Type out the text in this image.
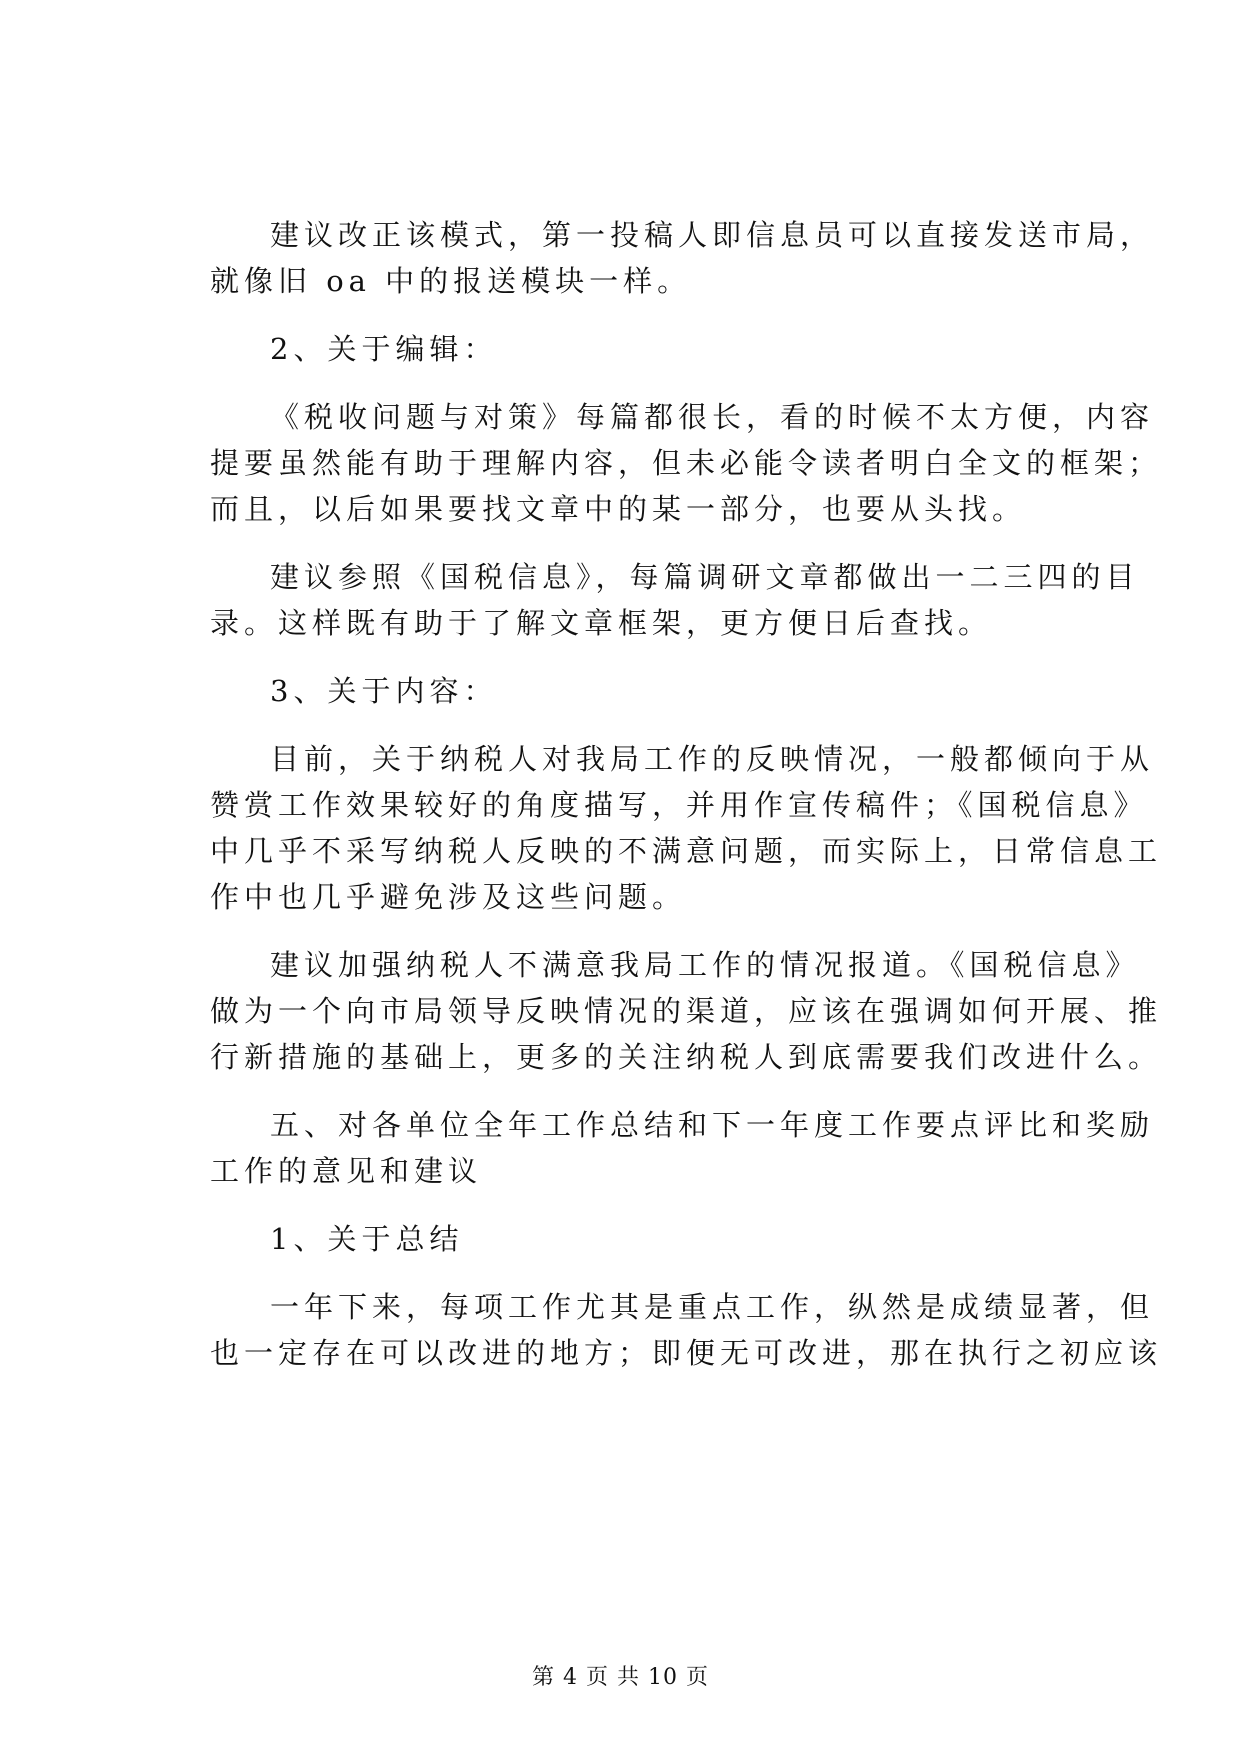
建议改正该模式，第一投稿人即信息员可以直接发送市局，
就像旧 oa 中的报送模块一样。

2、关于编辑：

《税收问题与对策》每篇都很长，看的时候不太方便，内容
提要虽然能有助于理解内容，但未必能令读者明白全文的框架；
而且，以后如果要找文章中的某一部分，也要从头找。

建议参照《国税信息》，每篇调研文章都做出一二三四的目
录。这样既有助于了解文章框架，更方便日后查找。

3、关于内容：

目前，关于纳税人对我局工作的反映情况，一般都倾向于从
赞赏工作效果较好的角度描写，并用作宣传稿件；《国税信息》
中几乎不采写纳税人反映的不满意问题，而实际上，日常信息工
作中也几乎避免涉及这些问题。

建议加强纳税人不满意我局工作的情况报道。《国税信息》
做为一个向市局领导反映情况的渠道，应该在强调如何开展、推
行新措施的基础上，更多的关注纳税人到底需要我们改进什么。

五、对各单位全年工作总结和下一年度工作要点评比和奖励
工作的意见和建议

1、关于总结

一年下来，每项工作尤其是重点工作，纵然是成绩显著，但
也一定存在可以改进的地方；即便无可改进，那在执行之初应该

第 4 页 共 10 页
